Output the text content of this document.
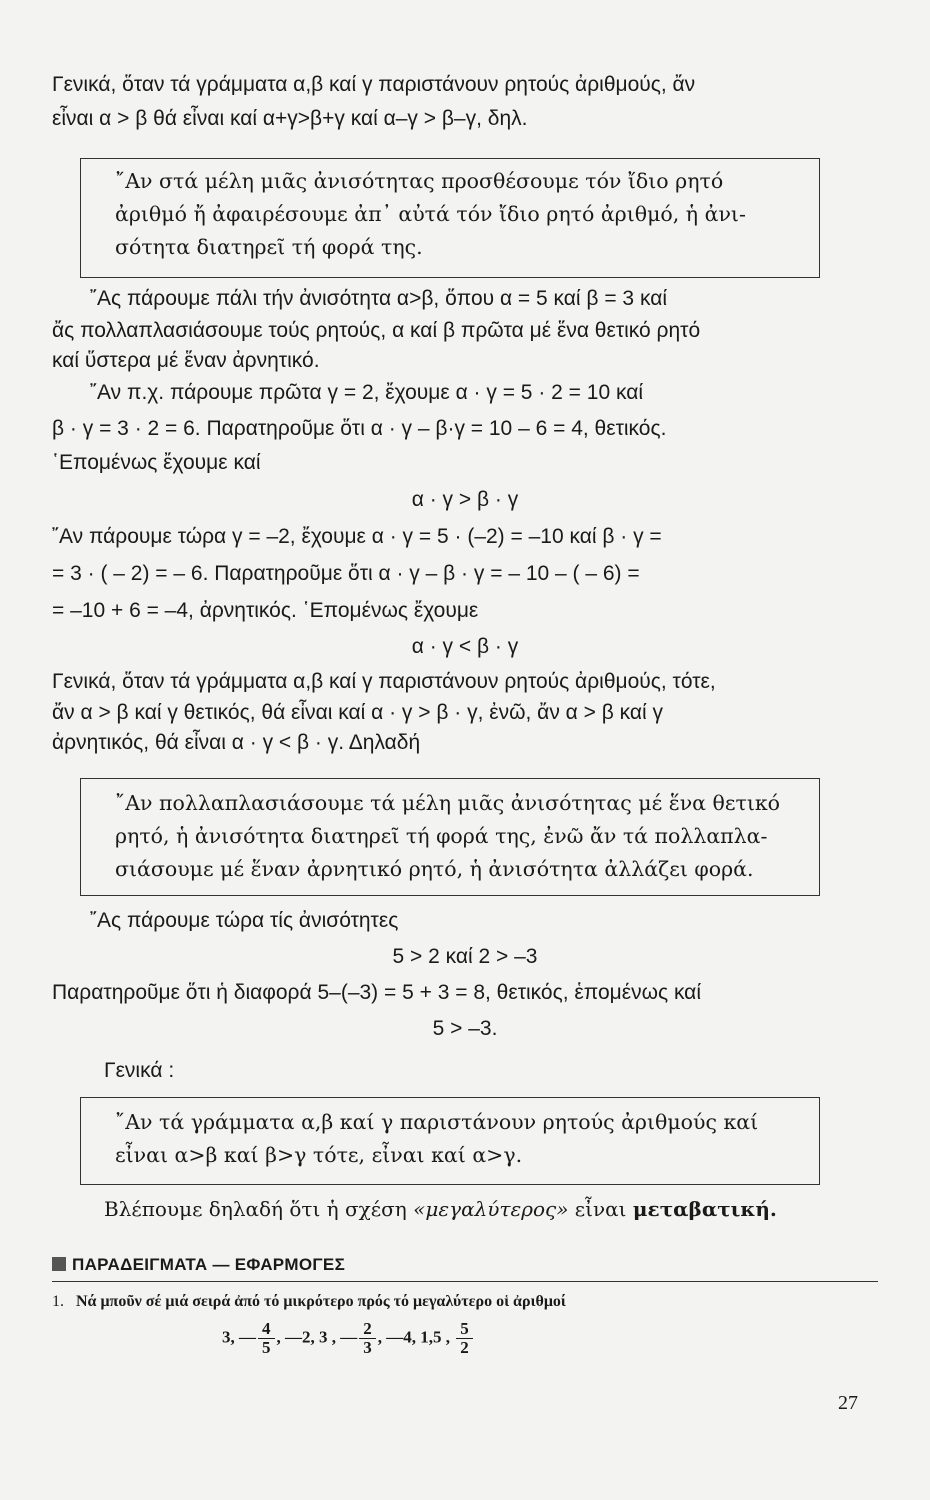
Γενικά, ὅταν τά γράμματα α,β καί γ παριστάνουν ρητούς ἀριθμούς, ἄν
εἶναι α > β θά εἶναι καί α+γ>β+γ καί α–γ > β–γ, δηλ.
῎Αν στά μέλη μιᾶς ἀνισότητας προσθέσουμε τόν ἴδιο ρητό
ἀριθμό ἤ ἀφαιρέσουμε ἀπ᾽ αὐτά τόν ἴδιο ρητό ἀριθμό, ἡ ἀνι-
σότητα διατηρεῖ τή φορά της.
῎Ας πάρουμε πάλι τήν ἀνισότητα α>β, ὅπου α = 5 καί β = 3 καί
ἄς πολλαπλασιάσουμε τούς ρητούς, α καί β πρῶτα μέ ἕνα θετικό ρητό
καί ὕστερα μέ ἕναν ἀρνητικό.
῎Αν π.χ. πάρουμε πρῶτα γ = 2, ἔχουμε α · γ = 5 · 2 = 10 καί
β · γ = 3 · 2 = 6. Παρατηροῦμε ὅτι α · γ – β·γ = 10 – 6 = 4, θετικός.
῾Επομένως ἔχουμε καί
α · γ > β · γ
῎Αν πάρουμε τώρα γ = –2, ἔχουμε α · γ = 5 · (–2) = –10 καί β · γ =
= 3 · ( – 2) = – 6. Παρατηροῦμε ὅτι α · γ – β · γ = – 10 – ( – 6) =
= –10 + 6 = –4, ἀρνητικός. ῾Επομένως ἔχουμε
α · γ < β · γ
Γενικά, ὅταν τά γράμματα α,β καί γ παριστάνουν ρητούς ἀριθμούς, τότε,
ἄν α > β καί γ θετικός, θά εἶναι καί α · γ > β · γ, ἐνῶ, ἄν α > β καί γ
ἀρνητικός, θά εἶναι α · γ < β · γ. Δηλαδή
῎Αν πολλαπλασιάσουμε τά μέλη μιᾶς ἀνισότητας μέ ἕνα θετικό
ρητό, ἡ ἀνισότητα διατηρεῖ τή φορά της, ἐνῶ ἄν τά πολλαπλα-
σιάσουμε μέ ἕναν ἀρνητικό ρητό, ἡ ἀνισότητα ἀλλάζει φορά.
῎Ας πάρουμε τώρα τίς ἀνισότητες
5 > 2 καί 2 > –3
Παρατηροῦμε ὅτι ἡ διαφορά 5–(–3) = 5 + 3 = 8, θετικός, ἑπομένως καί
5 > –3.
Γενικά :
῎Αν τά γράμματα α,β καί γ παριστάνουν ρητούς ἀριθμούς καί
εἶναι α>β καί β>γ τότε, εἶναι καί α>γ.
Βλέπουμε δηλαδή ὅτι ἡ σχέση «μεγαλύτερος» εἶναι μεταβατική.
ΠΑΡΑΔΕΙΓΜΑΤΑ — ΕΦΑΡΜΟΓΕΣ
1. Νά μποῦν σέ μιά σειρά ἀπό τό μικρότερο πρός τό μεγαλύτερο οἱ ἀριθμοί
3, — $\frac{4}{5}$ , —2, 3 , — $\frac{2}{3}$ , —4, 1,5 , $\frac{5}{2}$
27
